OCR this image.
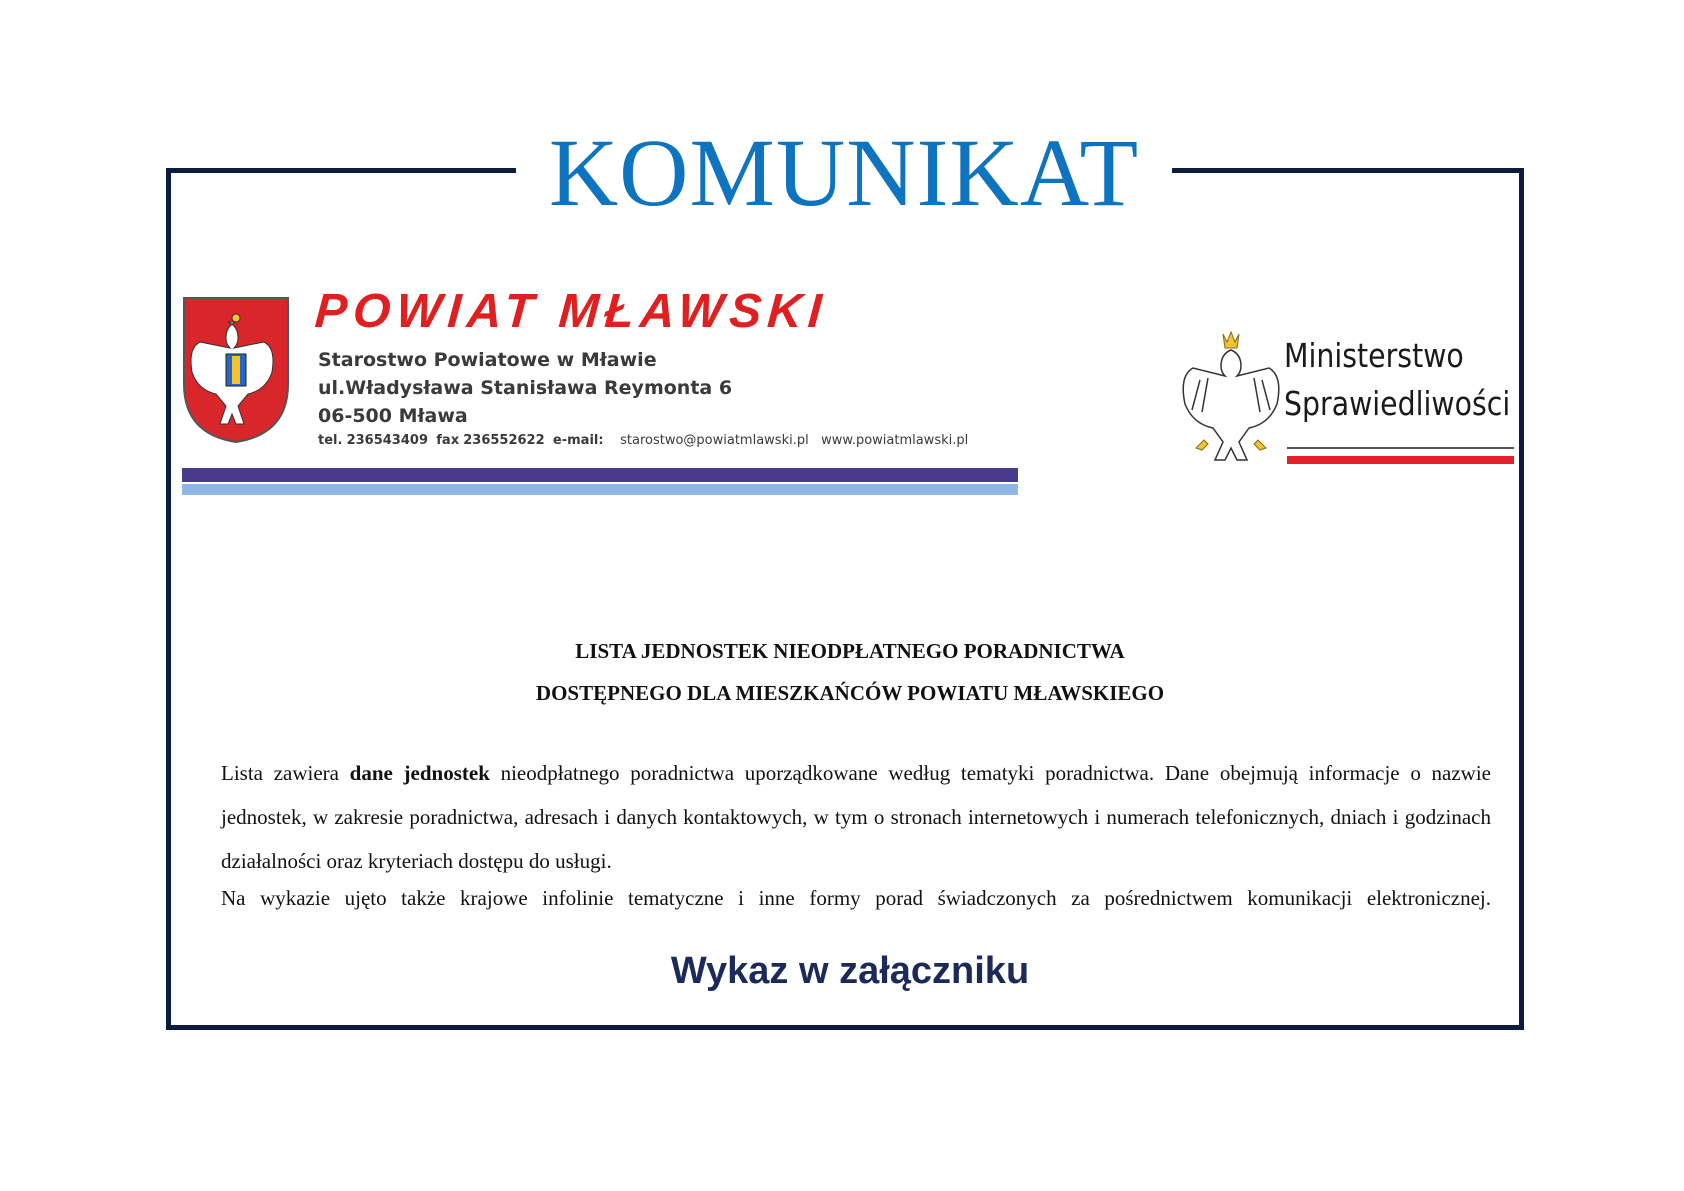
KOMUNIKAT
POWIAT MŁAWSKI
Starostwo Powiatowe w Mławie
ul.Władysława Stanisława Reymonta 6
06-500 Mława
tel. 236543409 fax 236552622 e-mail: starostwo@powiatmlawski.pl www.powiatmlawski.pl
Ministerstwo
Sprawiedliwości
LISTA JEDNOSTEK NIEODPŁATNEGO PORADNICTWA
DOSTĘPNEGO DLA MIESZKAŃCÓW POWIATU MŁAWSKIEGO
Lista zawiera dane jednostek nieodpłatnego poradnictwa uporządkowane według tematyki poradnictwa. Dane obejmują informacje o nazwie jednostek, w zakresie poradnictwa, adresach i danych kontaktowych, w tym o stronach internetowych i numerach telefonicznych, dniach i godzinach działalności oraz kryteriach dostępu do usługi.
Na wykazie ujęto także krajowe infolinie tematyczne i inne formy porad świadczonych za pośrednictwem komunikacji elektronicznej.
Wykaz w załączniku
